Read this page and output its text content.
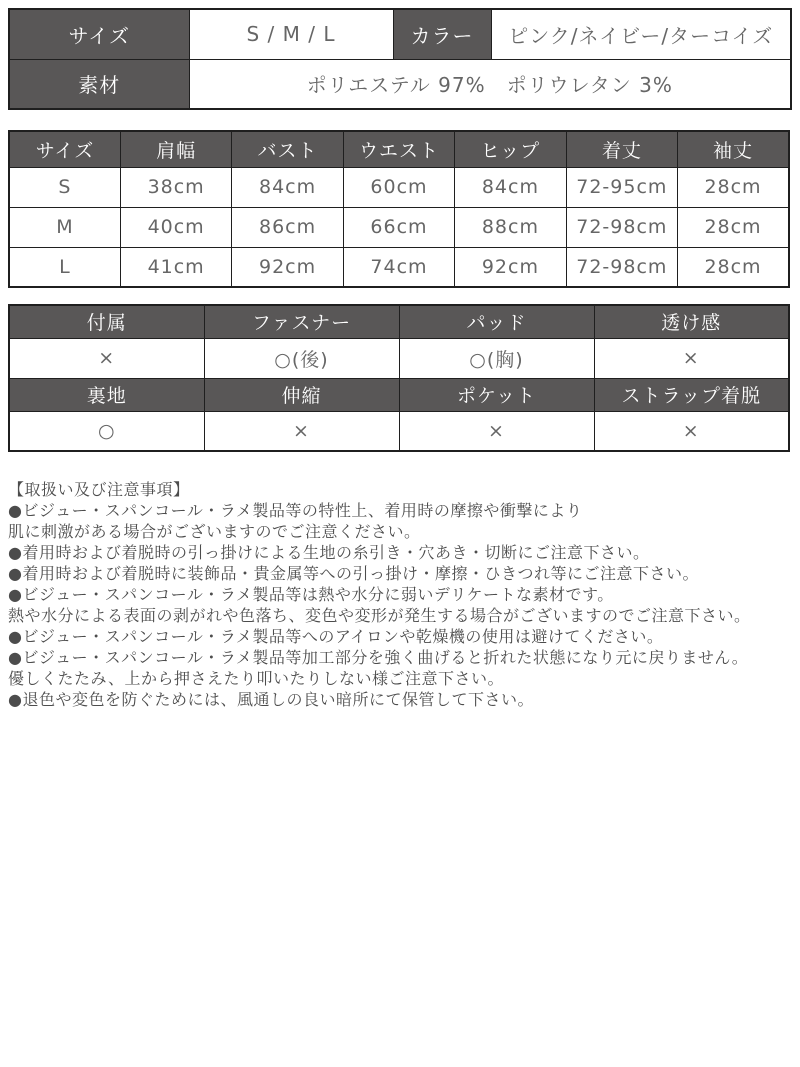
サイズ	S / M / L	カラー	ピンク/ネイビー/ターコイズ
素材	ポリエステル 97%　ポリウレタン 3%		
サイズ	肩幅	バスト	ウエスト	ヒップ	着丈	袖丈
S	38cm	84cm	60cm	84cm	72-95cm	28cm
M	40cm	86cm	66cm	88cm	72-98cm	28cm
L	41cm	92cm	74cm	92cm	72-98cm	28cm
付属	ファスナー	パッド	透け感
×	○(後)	○(胸)	×
裏地	伸縮	ポケット	ストラップ着脱
○	×	×	×
【取扱い及び注意事項】
●ビジュー・スパンコール・ラメ製品等の特性上、着用時の摩擦や衝撃により
肌に刺激がある場合がございますのでご注意ください。
●着用時および着脱時の引っ掛けによる生地の糸引き・穴あき・切断にご注意下さい。
●着用時および着脱時に装飾品・貴金属等への引っ掛け・摩擦・ひきつれ等にご注意下さい。
●ビジュー・スパンコール・ラメ製品等は熱や水分に弱いデリケートな素材です。
熱や水分による表面の剥がれや色落ち、変色や変形が発生する場合がございますのでご注意下さい。
●ビジュー・スパンコール・ラメ製品等へのアイロンや乾燥機の使用は避けてください。
●ビジュー・スパンコール・ラメ製品等加工部分を強く曲げると折れた状態になり元に戻りません。
優しくたたみ、上から押さえたり叩いたりしない様ご注意下さい。
●退色や変色を防ぐためには、風通しの良い暗所にて保管して下さい。
